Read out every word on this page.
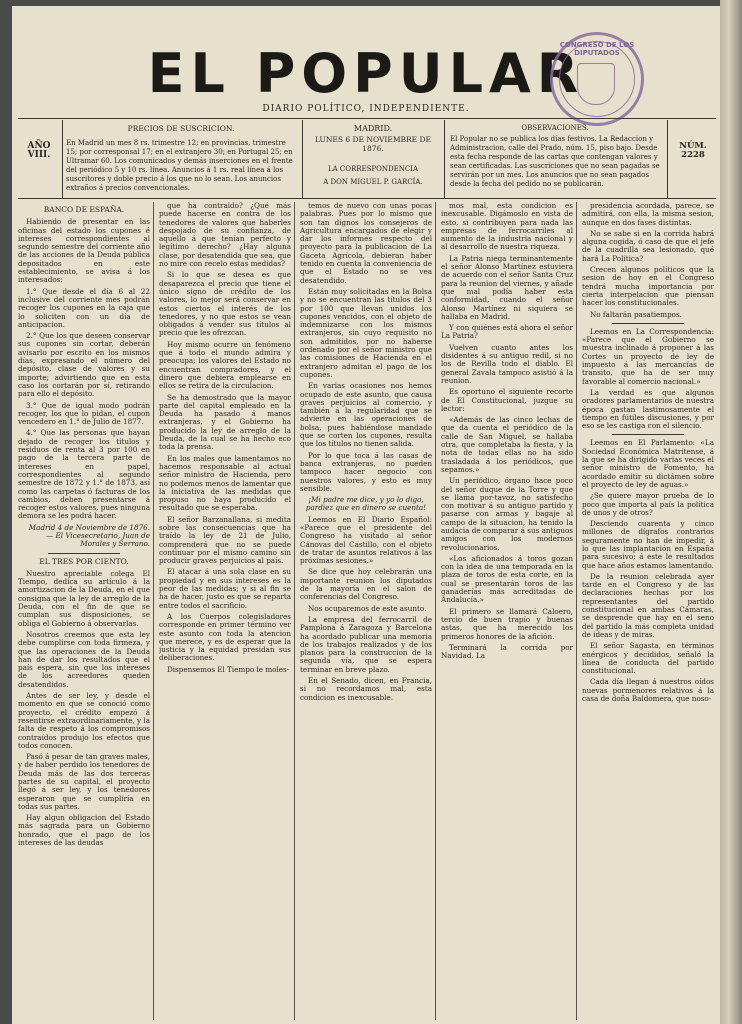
EL POPULAR
DIARIO POLÍTICO, INDEPENDIENTE.
CONGRESO DE LOS DIPUTADOS
AÑO VIII.
PRECIOS DE SUSCRICION.
En Madrid un mes 8 rs. trimestre 12; en provincias, trimestre 15; por corresponsal 17; en el extranjero 30; en Portugal 25; en Ultramar 60. Los comunicados y demás inserciones en el frente del periódico 5 y 10 rs. línea. Anuncios á 1 rs. real línea á los suscritores y doble precio á los que no lo sean. Los anuncios extraños á precios convencionales.
MADRID.
LUNES 6 DE NOVIEMBRE DE 1876.
LA CORRESPONDENCIA
A DON MIGUEL P. GARCÍA.
OBSERVACIONES.
El Popular no se publica los días festivos. La Redaccion y Administracion, calle del Prado, núm. 15, piso bajo. Desde esta fecha responde de las cartas que contengan valores y sean certificadas. Las suscriciones que no sean pagadas se servirán por un mes. Los anuncios que no sean pagados desde la fecha del pedido no se publicarán.
NÚM. 2228

BANCO DE ESPAÑA.

Habiendo de presentar en las oficinas del estado los cupones é intereses correspondientes al segundo semestre del corriente año de las acciones de la Deuda pública depositados en este establecimiento, se avisa á los interesados:

1.° Que desde el día 6 al 22 inclusive del corriente mes podrán recoger los cupones en la caja que lo soliciten con un día de anticipacion.

2.° Que los que deseen conservar sus cupones sin cortar, deberán avisarlo por escrito en los mismos días, expresando el número del depósito, clase de valores y su importe; advirtiendo que en esta caso los cortarán por sí, retirando para ello el depósito.

3.° Que de igual modo podrán recoger, los que lo pidan, el cupon vencedero en 1.° de Julio de 1877.

4.° Que las personas que hayan dejado de recoger los títulos y residuos de renta al 3 por 100 en pago de la tercera parte de intereses en papel, correspondientes al segundo semestre de 1872 y 1.° de 1873, así como las carpetas ó facturas de los cambios, deben presentarse á recoger estos valores, pues ninguna demora se les podrá hacer.

Madrid 4 de Noviembre de 1876. — El Vicesecretario, Juan de Morales y Serrano.

EL TRES POR CIENTO.

Nuestro apreciable colega El Tiempo, dedica su artículo á la amortizacion de la Deuda, en el que consigna que la ley de arreglo de la Deuda, con el fin de que se cumplan sus disposiciones, se obliga el Gobierno á observarlas.

Nosotros creemos que esta ley debe cumplirse con toda firmeza, y que las operaciones de la Deuda han de dar los resultados que el país espera, sin que los intereses de los acreedores queden desatendidos.

Antes de ser ley, y desde el momento en que se conoció como proyecto, el crédito empezó á resentirse extraordinariamente, y la falta de respeto á los compromisos contraídos produjo los efectos que todos conocen.

Pasó á pesar de tan graves males, y de haber perdido los tenedores de Deuda más de las dos terceras partes de su capital, el proyecto llegó á ser ley, y los tenedores esperaron que se cumpliría en todas sus partes.

Hay algun obligacion del Estado más sagrada para un Gobierno honrado, que el pago de los intereses de las deudas

que ha contraido? ¿Qué más puede hacerse en contra de los tenedores de valores que haberles despojado de su confianza, de aquello á que tenían perfecto y legítimo derecho? ¿Hay alguna clase, por desatendida que sea, que no mire con recelo estas medidas?

Si lo que se desea es que desaparezca el precio que tiene el único signo de crédito de los valores, lo mejor será conservar en estos ciertos el interés de los tenedores, y no que estos se vean obligados á vender sus títulos al precio que les ofrezcan.

Hoy mismo ocurre un fenómeno que á todo el mundo admira y preocupa; los valores del Estado no encuentran compradores, y el dinero que debiera emplearse en ellos se retira de la circulacion.

Se ha demostrado que la mayor parte del capital empleado en la Deuda ha pasado á manos extranjeras, y el Gobierno ha producido la ley de arreglo de la Deuda, de la cual se ha hecho eco toda la prensa.

En los males que lamentamos no hacemos responsable al actual señor ministro de Hacienda, pero no podemos menos de lamentar que la iniciativa de las medidas que propuso no haya producido el resultado que se esperaba.

El señor Barzanallana, si medita sobre las consecuencias que ha traído la ley de 21 de Julio, comprenderá que no se puede continuar por el mismo camino sin producir graves perjuicios al país.

El atacar á una sola clase en su propiedad y en sus intereses es la peor de las medidas; y si al fin se ha de hacer, justo es que se reparta entre todos el sacrificio.

A los Cuerpos colegisladores corresponde en primer término ver este asunto con toda la atencion que merece, y es de esperar que la justicia y la equidad presidan sus deliberaciones.

Dispensemos El Tiempo le moles-

temos de nuevo con unas pocas palabras. Pues por lo mismo que son tan dignos los consejeros de Agricultura encargados de elegir y dar los informes respecto del proyecto para la publicacion de La Gaceta Agrícola, debieran haber tenido en cuenta la conveniencia de que el Estado no se vea desatendido.

Están muy solicitadas en la Bolsa y no se encuentran las títulos del 3 por 100 que llevan unidos los cupones vencidos, con el objeto de indemnizarse con los mismos extranjeros, sin cuyo requisito no son admitidos, por no haberse ordenado por el señor ministro que las comisiones de Hacienda en el extranjero admitan el pago de los cupones.

En varias ocasiones nos hemos ocupado de este asunto, que causa graves perjuicios al comercio, y también á la regularidad que se advierte en las operaciones de bolsa, pues habiéndose mandado que se corten los cupones, resulta que los títulos no tienen salida.

Por lo que toca á las casas de banca extranjeras, no pueden tampoco hacer negocio con nuestros valores, y esto es muy sensible.

¡Mi padre me dice, y yo lo digo, pardiez que en dinero se cuenta!

Leemos en El Diario Español: «Parece que el presidente del Congreso ha visitado al señor Cánovas del Castillo, con el objeto de tratar de asuntos relativos á las próximas sesiones.»

Se dice que hoy celebrarán una importante reunion los diputados de la mayoría en el salon de conferencias del Congreso.

Nos ocuparemos de este asunto.

La empresa del ferrocarril de Pamplona á Zaragoza y Barcelona ha acordado publicar una memoria de los trabajos realizados y de los planos para la construccion de la segunda vía, que se espera terminar en breve plazo.

En el Senado, dicen, en Francia, si no recordamos mal, esta condicion es inexcusable.

mos mal, esta condicion es inexcusable. Digámoslo en vista de esto, si contribuyen para nada las empresas de ferrocarriles al aumento de la industria nacional y al desarrollo de nuestra riqueza.

La Patria niega terminantemente el señor Alonso Martínez estuviera de acuerdo con el señor Santa Cruz para la reunion del viernes, y añade que mal podía haber esta conformidad, cuando el señor Alonso Martínez ni siquiera se hallaba en Madrid.

Y con quiénes está ahora el señor La Patria?

Vuelven cuanto antes los disidentes á su antiguo redil, si no los de Revilla todo el diablo. El general Zavala tampoco asistió á la reunion.

Es oportuno el siguiente recorte de El Constitucional, juzgue su lector:

«Además de las cinco lechas de que da cuenta el periódico de la calle de San Miguel, se hallaba otra, que completaba la fiesta, y la nota de todas ellas no ha sido trasladada á los periódicos, que sepamos.»

Un periódico, órgano hace poco del señor duque de la Torre y que se llama por-tavoz, no satisfecho con motivar á su antiguo partido y pasarse con armas y bagaje al campo de la situacion, ha tenido la audacia de comparar á sus antiguos amigos con los modernos revolucionarios.

«Los aficionados á toros gozan con la idea de una temporada en la plaza de toros de esta corte, en la cual se presentarán toros de las ganaderías más acreditadas de Andalucía.»

El primero se llamará Caloero, tercio de buen trapío y buenas astas, que ha merecido los primeros honores de la afición.

Terminará la corrida por Navidad. La

presidencia acordada, parece, se admitirá, con ella, la misma sesion, aunque en dos fases distintas.

No se sabe si en la corrida habrá alguna cogida, ó caso de que el jefe de la cuadrilla sea lesionado, qué hará La Política?

Crecen algunos políticos que la sesion de hoy en el Congreso tendrá mucha importancia por cierta interpelacion que piensan hacer los constitucionales.

No faltarán pasatiempos.

Leemos en La Correspondencia: «Parece que el Gobierno se muestra inclinado á proponer á las Cortes un proyecto de ley de impuesto á las mercancías de transito, que ha de ser muy favorable al comercio nacional.»

La verdad es que algunos oradores parlamentarios de nuestra época gastan lastimosamente el tiempo en fútiles discusiones, y por eso se les castiga con el silencio.

Leemos en El Parlamento: «La Sociedad Económica Matritense, á la que se ha dirigido varias veces el señor ministro de Fomento, ha acordado emitir su dictámen sobre el proyecto de ley de aguas.»

¿Se quiere mayor prueba de lo poco que importa al país la política de unos y de otros?

Desciendo cuarenta y cinco millones de dígrafos contrarios seguramente no han de impedir, á lo que las implantación en España para sucesivo; á este le resultados que hace años estamos lamentando.

De la reunion celebrada ayer tarde en el Congreso y de las declaraciones hechas por los representantes del partido constitucional en ambas Cámaras, se desprende que hay en el seno del partido la más completa unidad de ideas y de miras.

El señor Sagasta, en términos enérgicos y decididos, señaló la línea de conducta del partido constitucional.

Cada día llegan á nuestros oídos nuevas pormenores relativos á la casa de doña Baldomera, que noso-
